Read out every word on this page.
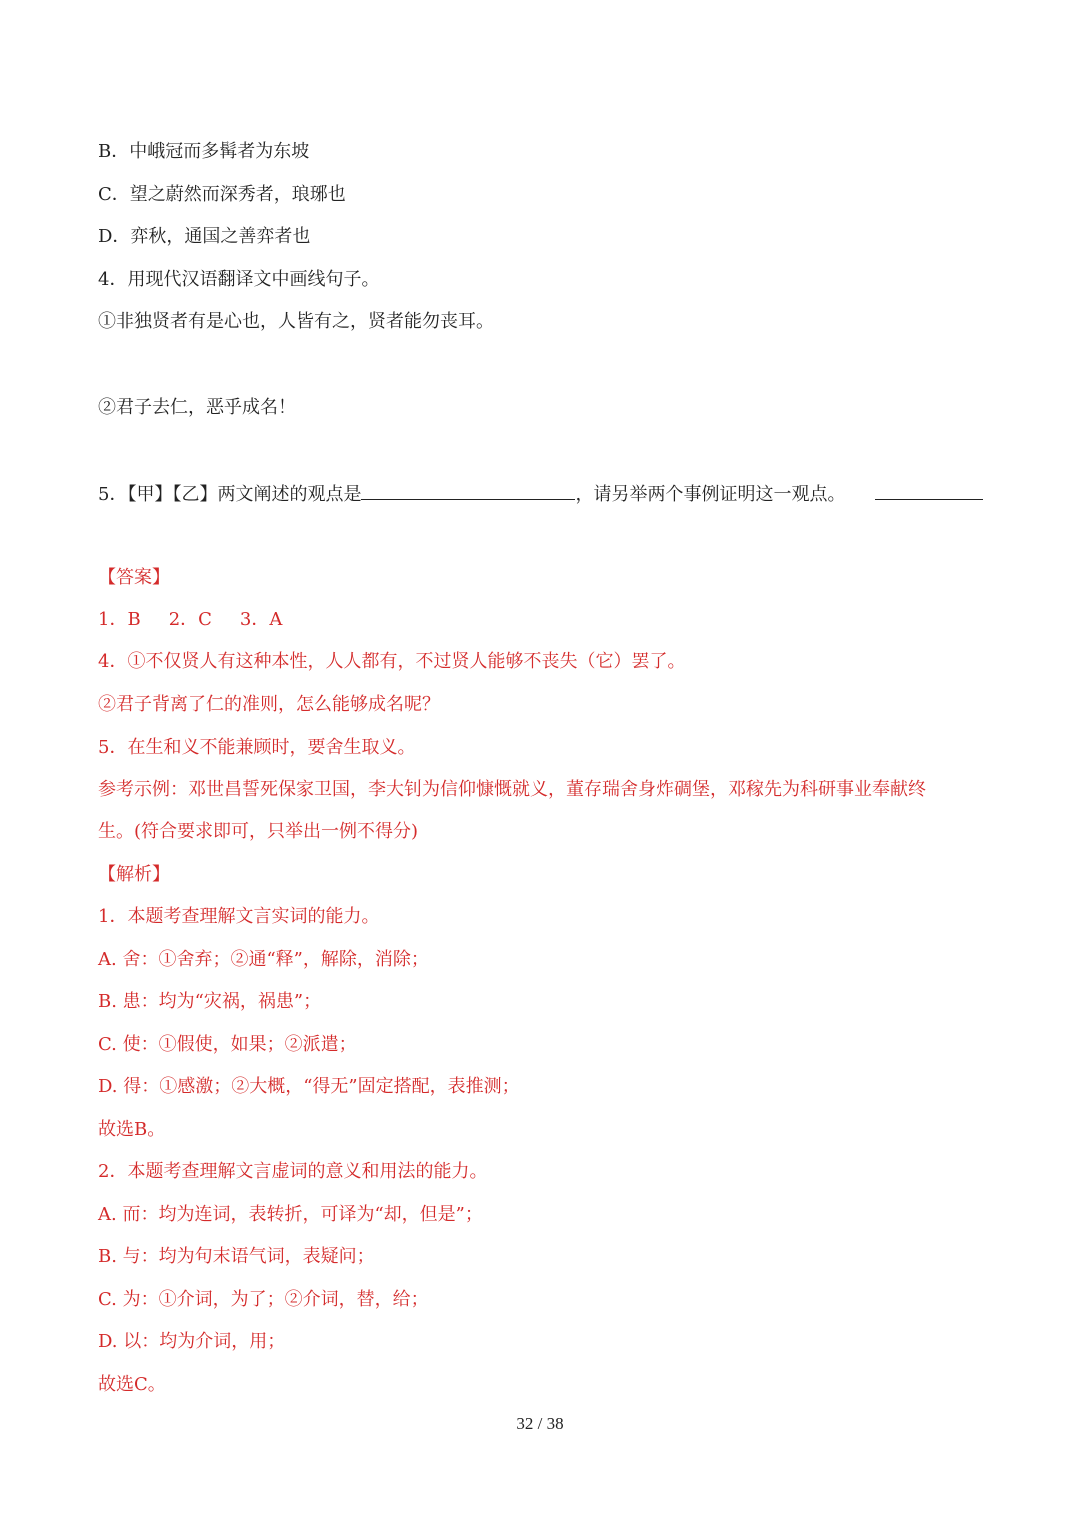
B．中峨冠而多髯者为东坡
C．望之蔚然而深秀者，琅琊也
D．弈秋，通国之善弈者也
4．用现代汉语翻译文中画线句子。
①非独贤者有是心也，人皆有之，贤者能勿丧耳。
②君子去仁，恶乎成名！
5．【甲】【乙】两文阐述的观点是	，请另举两个事例证明这一观点。
【答案】
1．B 2．C 3．A
4．①不仅贤人有这种本性，人人都有，不过贤人能够不丧失（它）罢了。
②君子背离了仁的准则，怎么能够成名呢？
5．在生和义不能兼顾时，要舍生取义。
参考示例：邓世昌誓死保家卫国，李大钊为信仰慷慨就义，董存瑞舍身炸碉堡，邓稼先为科研事业奉献终
生。(符合要求即可，只举出一例不得分)
【解析】
1．本题考查理解文言实词的能力。
A. 舍：①舍弃；②通“释”，解除，消除；
B. 患：均为“灾祸，祸患”；
C. 使：①假使，如果；②派遣；
D. 得：①感激；②大概，“得无”固定搭配，表推测；
故选B。
2．本题考查理解文言虚词的意义和用法的能力。
A. 而：均为连词，表转折，可译为“却，但是”；
B. 与：均为句末语气词，表疑问；
C. 为：①介词，为了；②介词，替，给；
D. 以：均为介词，用；
故选C。
32 / 38
